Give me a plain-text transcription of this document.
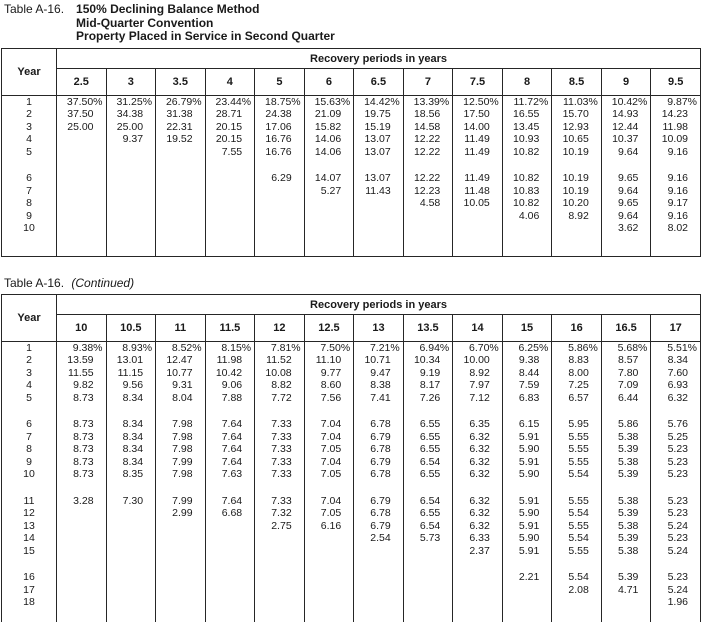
Table A-16. 150% Declining Balance Method
Mid-Quarter Convention
Property Placed in Service in Second Quarter
Year	Recovery periods in years												
	2.5	3	3.5	4	5	6	6.5	7	7.5	8	8.5	9	9.5
1	37.50%	31.25%	26.79%	23.44%	18.75%	15.63%	14.42%	13.39%	12.50%	11.72%	11.03%	10.42%	9.87%
2	37.50	34.38	31.38	28.71	24.38	21.09	19.75	18.56	17.50	16.55	15.70	14.93	14.23
3	25.00	25.00	22.31	20.15	17.06	15.82	15.19	14.58	14.00	13.45	12.93	12.44	11.98
4		9.37	19.52	20.15	16.76	14.06	13.07	12.22	11.49	10.93	10.65	10.37	10.09
5				7.55	16.76	14.06	13.07	12.22	11.49	10.82	10.19	9.64	9.16

6					6.29	14.07	13.07	12.22	11.49	10.82	10.19	9.65	9.16
7						5.27	11.43	12.23	11.48	10.83	10.19	9.64	9.16
8								4.58	10.05	10.82	10.20	9.65	9.17
9										4.06	8.92	9.64	9.16
10												3.62	8.02

Table A-16. (Continued)
Year	Recovery periods in years												
	10	10.5	11	11.5	12	12.5	13	13.5	14	15	16	16.5	17
1	9.38%	8.93%	8.52%	8.15%	7.81%	7.50%	7.21%	6.94%	6.70%	6.25%	5.86%	5.68%	5.51%
2	13.59	13.01	12.47	11.98	11.52	11.10	10.71	10.34	10.00	9.38	8.83	8.57	8.34
3	11.55	11.15	10.77	10.42	10.08	9.77	9.47	9.19	8.92	8.44	8.00	7.80	7.60
4	9.82	9.56	9.31	9.06	8.82	8.60	8.38	8.17	7.97	7.59	7.25	7.09	6.93
5	8.73	8.34	8.04	7.88	7.72	7.56	7.41	7.26	7.12	6.83	6.57	6.44	6.32

6	8.73	8.34	7.98	7.64	7.33	7.04	6.78	6.55	6.35	6.15	5.95	5.86	5.76
7	8.73	8.34	7.98	7.64	7.33	7.04	6.79	6.55	6.32	5.91	5.55	5.38	5.25
8	8.73	8.34	7.98	7.64	7.33	7.05	6.78	6.55	6.32	5.90	5.55	5.39	5.23
9	8.73	8.34	7.99	7.64	7.33	7.04	6.79	6.54	6.32	5.91	5.55	5.38	5.23
10	8.73	8.35	7.98	7.63	7.33	7.05	6.78	6.55	6.32	5.90	5.54	5.39	5.23

11	3.28	7.30	7.99	7.64	7.33	7.04	6.79	6.54	6.32	5.91	5.55	5.38	5.23
12			2.99	6.68	7.32	7.05	6.78	6.55	6.32	5.90	5.54	5.39	5.23
13					2.75	6.16	6.79	6.54	6.32	5.91	5.55	5.38	5.24
14							2.54	5.73	6.33	5.90	5.54	5.39	5.23
15									2.37	5.91	5.55	5.38	5.24

16										2.21	5.54	5.39	5.23
17											2.08	4.71	5.24
18													1.96
